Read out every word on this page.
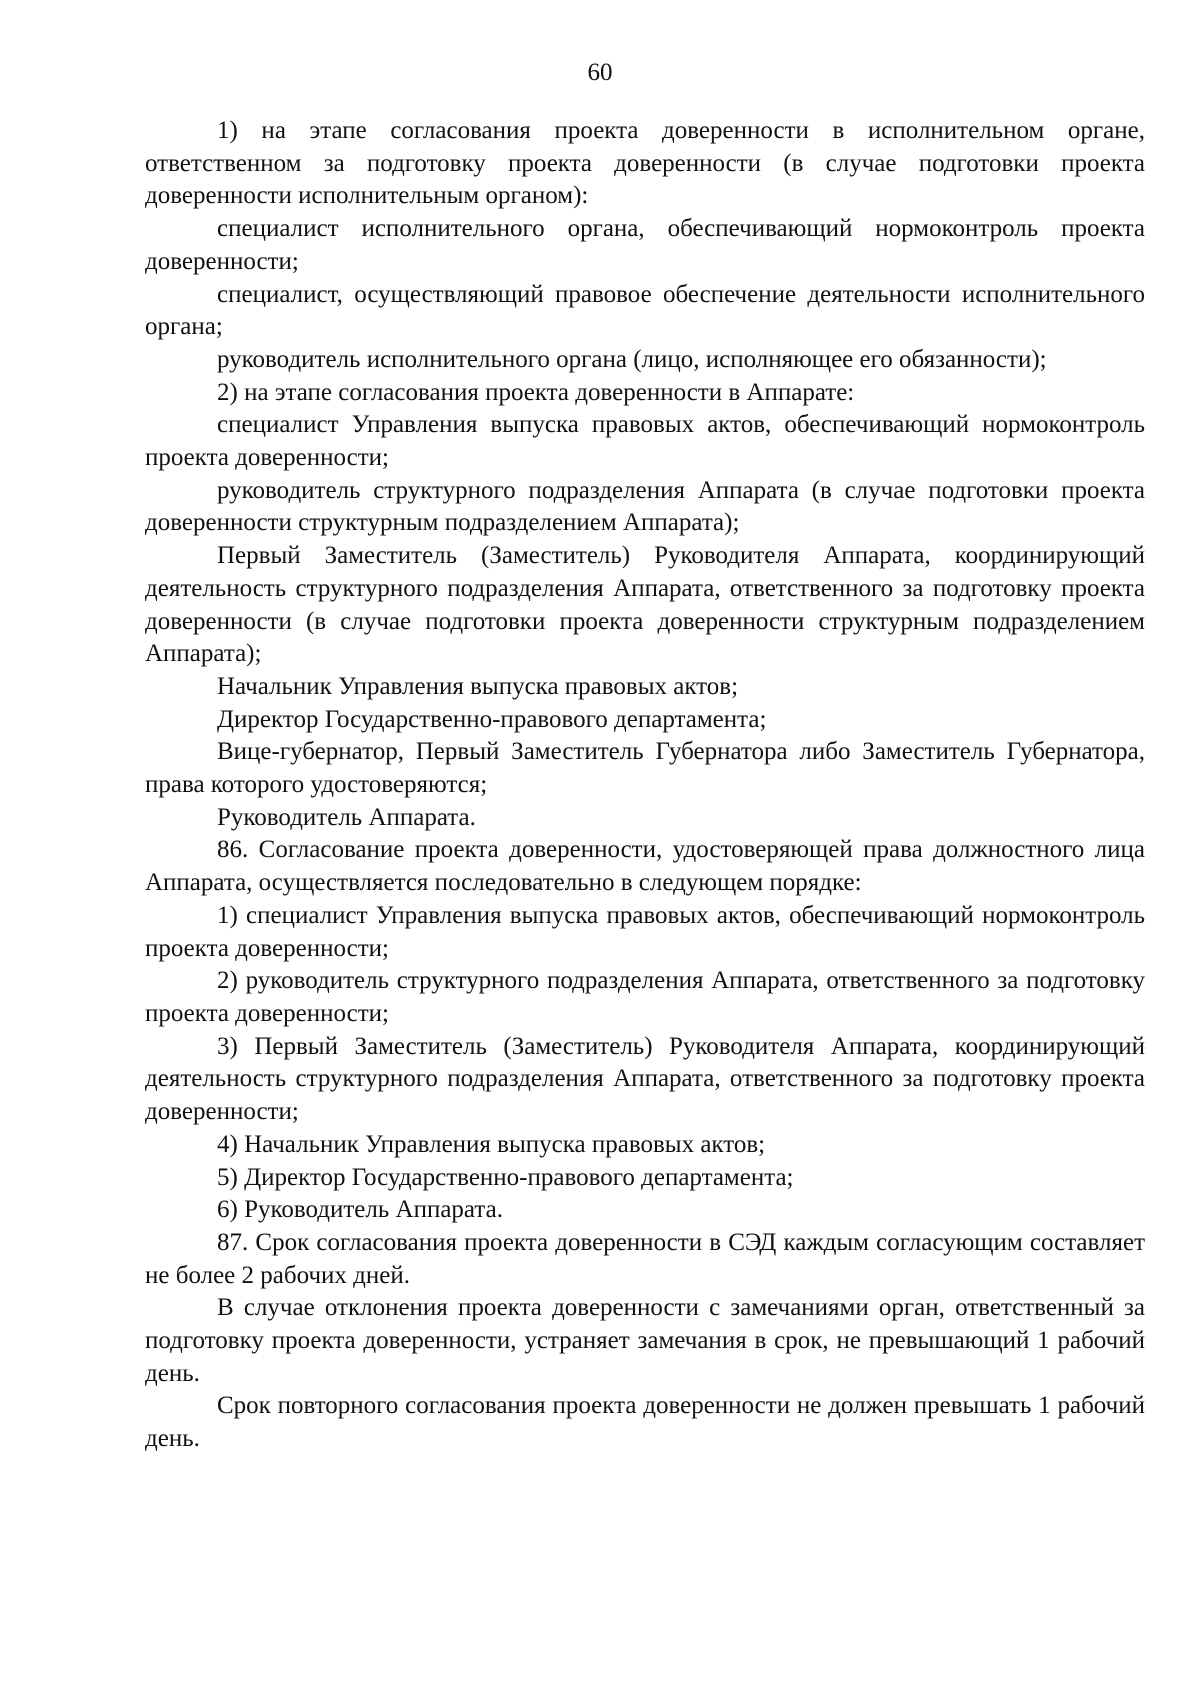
60

1) на этапе согласования проекта доверенности в исполнительном органе, ответственном за подготовку проекта доверенности (в случае подготовки проекта доверенности исполнительным органом):

специалист исполнительного органа, обеспечивающий нормоконтроль проекта доверенности;

специалист, осуществляющий правовое обеспечение деятельности исполнительного органа;

руководитель исполнительного органа (лицо, исполняющее его обязанности);

2) на этапе согласования проекта доверенности в Аппарате:

специалист Управления выпуска правовых актов, обеспечивающий нормоконтроль проекта доверенности;

руководитель структурного подразделения Аппарата (в случае подготовки проекта доверенности структурным подразделением Аппарата);

Первый Заместитель (Заместитель) Руководителя Аппарата, координирующий деятельность структурного подразделения Аппарата, ответственного за подготовку проекта доверенности (в случае подготовки проекта доверенности структурным подразделением Аппарата);

Начальник Управления выпуска правовых актов;

Директор Государственно-правового департамента;

Вице-губернатор, Первый Заместитель Губернатора либо Заместитель Губернатора, права которого удостоверяются;

Руководитель Аппарата.

86. Согласование проекта доверенности, удостоверяющей права должностного лица Аппарата, осуществляется последовательно в следующем порядке:

1) специалист Управления выпуска правовых актов, обеспечивающий нормоконтроль проекта доверенности;

2) руководитель структурного подразделения Аппарата, ответственного за подготовку проекта доверенности;

3) Первый Заместитель (Заместитель) Руководителя Аппарата, координирующий деятельность структурного подразделения Аппарата, ответственного за подготовку проекта доверенности;

4) Начальник Управления выпуска правовых актов;

5) Директор Государственно-правового департамента;

6) Руководитель Аппарата.

87. Срок согласования проекта доверенности в СЭД каждым согласующим составляет не более 2 рабочих дней.

В случае отклонения проекта доверенности с замечаниями орган, ответственный за подготовку проекта доверенности, устраняет замечания в срок, не превышающий 1 рабочий день.

Срок повторного согласования проекта доверенности не должен превышать 1 рабочий день.
